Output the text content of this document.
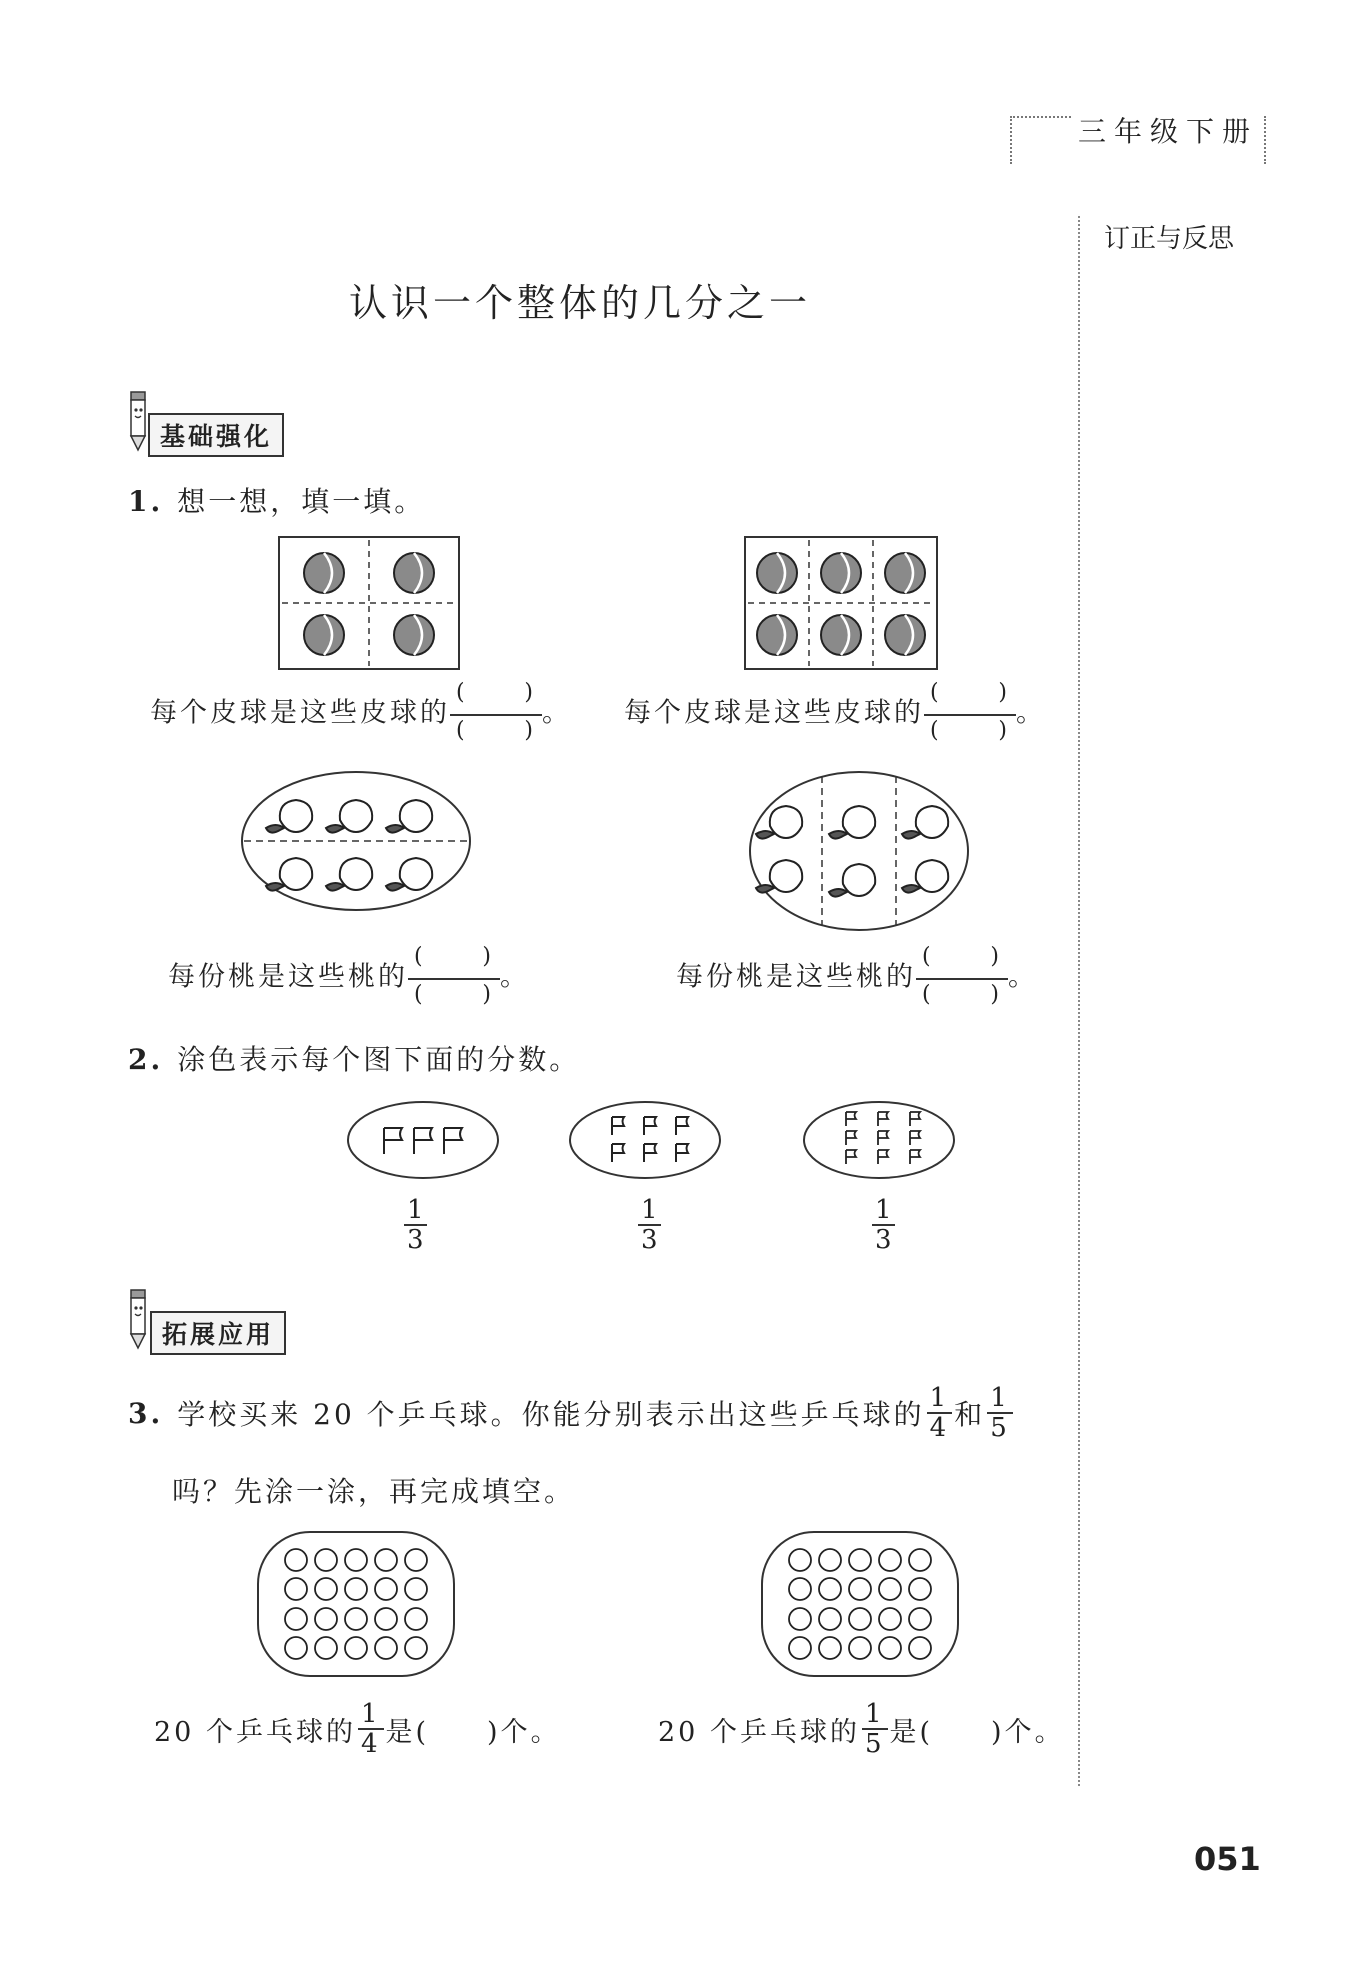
三年级下册
订正与反思
认识一个整体的几分之一
基础强化
1. 想一想，填一填。
每个皮球是这些皮球的 (	)
(	) 。 每个皮球是这些皮球的 (	)
(	) 。
每份桃是这些桃的 (	)
(	) 。	每份桃是这些桃的 (	)
(	) 。
2. 涂色表示每个图下面的分数。
$\frac{1}{3}$	$\frac{1}{3}$	$\frac{1}{3}$
拓展应用
3. 学校买来 20 个乒乓球。你能分别表示出这些乒乓球的 $\frac{1}{4}$ 和 $\frac{1}{5}$
吗？先涂一涂，再完成填空。
20 个乒乓球的 $\frac{1}{4}$ 是( )个。	20 个乒乓球的 $\frac{1}{5}$ 是( )个。
051
